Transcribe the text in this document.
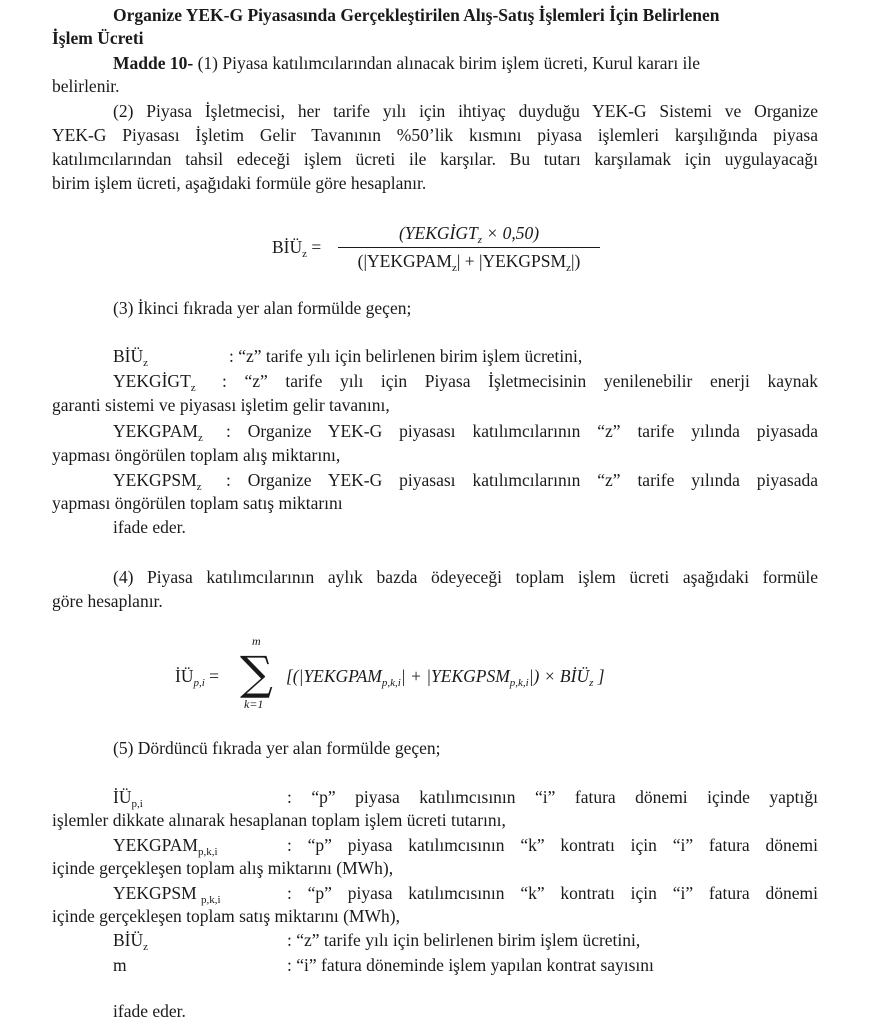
Organize YEK-G Piyasasında Gerçekleştirilen Alış-Satış İşlemleri İçin Belirlenen
İşlem Ücreti
Madde 10- (1) Piyasa katılımcılarından alınacak birim işlem ücreti, Kurul kararı ile
belirlenir.
(2) Piyasa İşletmecisi, her tarife yılı için ihtiyaç duyduğu YEK-G Sistemi ve Organize
YEK-G Piyasası İşletim Gelir Tavanının %50’lik kısmını piyasa işlemleri karşılığında piyasa
katılımcılarından tahsil edeceği işlem ücreti ile karşılar. Bu tutarı karşılamak için uygulayacağı
birim işlem ücreti, aşağıdaki formüle göre hesaplanır.
$BİÜ_z$ =
$(YEKGİGT_z \times 0,50)$
($|YEKGPAM_z|$ + $|YEKGPSM_z|$)
(3) İkinci fıkrada yer alan formülde geçen;
$BİÜ_z$	: “z” tarife yılı için belirlenen birim işlem ücretini,
$YEKGİGT_z$ : “z” tarife yılı için Piyasa İşletmecisinin yenilenebilir enerji kaynak
garanti sistemi ve piyasası işletim gelir tavanını,
$YEKGPAM_z$ : Organize YEK-G piyasası katılımcılarının “z” tarife yılında piyasada
yapması öngörülen toplam alış miktarını,
$YEKGPSM_z$ : Organize YEK-G piyasası katılımcılarının “z” tarife yılında piyasada
yapması öngörülen toplam satış miktarını
ifade eder.
(4) Piyasa katılımcılarının aylık bazda ödeyeceği toplam işlem ücreti aşağıdaki formüle
göre hesaplanır.
$İÜ_{p,i}$ =
m
∑
k=1
[($|YEKGPAM_{p,k,i}|$ + $|YEKGPSM_{p,k,i}|$) × $BİÜ_z$ ]
(5) Dördüncü fıkrada yer alan formülde geçen;
$İÜ_{p,i}$	: “p” piyasa katılımcısının “i” fatura dönemi içinde yaptığı
işlemler dikkate alınarak hesaplanan toplam işlem ücreti tutarını,
$YEKGPAM_{p,k,i}$	: “p” piyasa katılımcısının “k” kontratı için “i” fatura dönemi
içinde gerçekleşen toplam alış miktarını (MWh),
YEKGPSM $_{p,k,i}$	: “p” piyasa katılımcısının “k” kontratı için “i” fatura dönemi
içinde gerçekleşen toplam satış miktarını (MWh),
$BİÜ_z$	: “z” tarife yılı için belirlenen birim işlem ücretini,
m	: “i” fatura döneminde işlem yapılan kontrat sayısını
ifade eder.
